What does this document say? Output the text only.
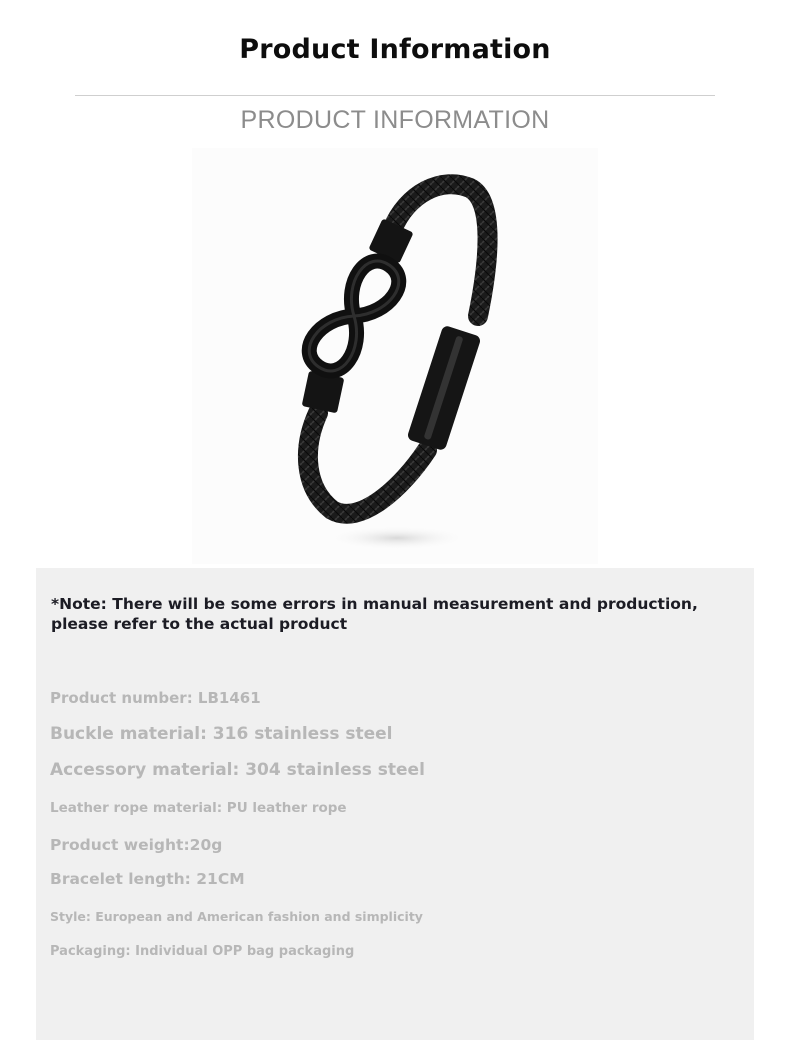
Product Information
PRODUCT INFORMATION
*Note: There will be some errors in manual measurement and production, please refer to the actual product
Product number: LB1461
Buckle material: 316 stainless steel
Accessory material: 304 stainless steel
Leather rope material: PU leather rope
Product weight:20g
Bracelet length: 21CM
Style: European and American fashion and simplicity
Packaging: Individual OPP bag packaging
